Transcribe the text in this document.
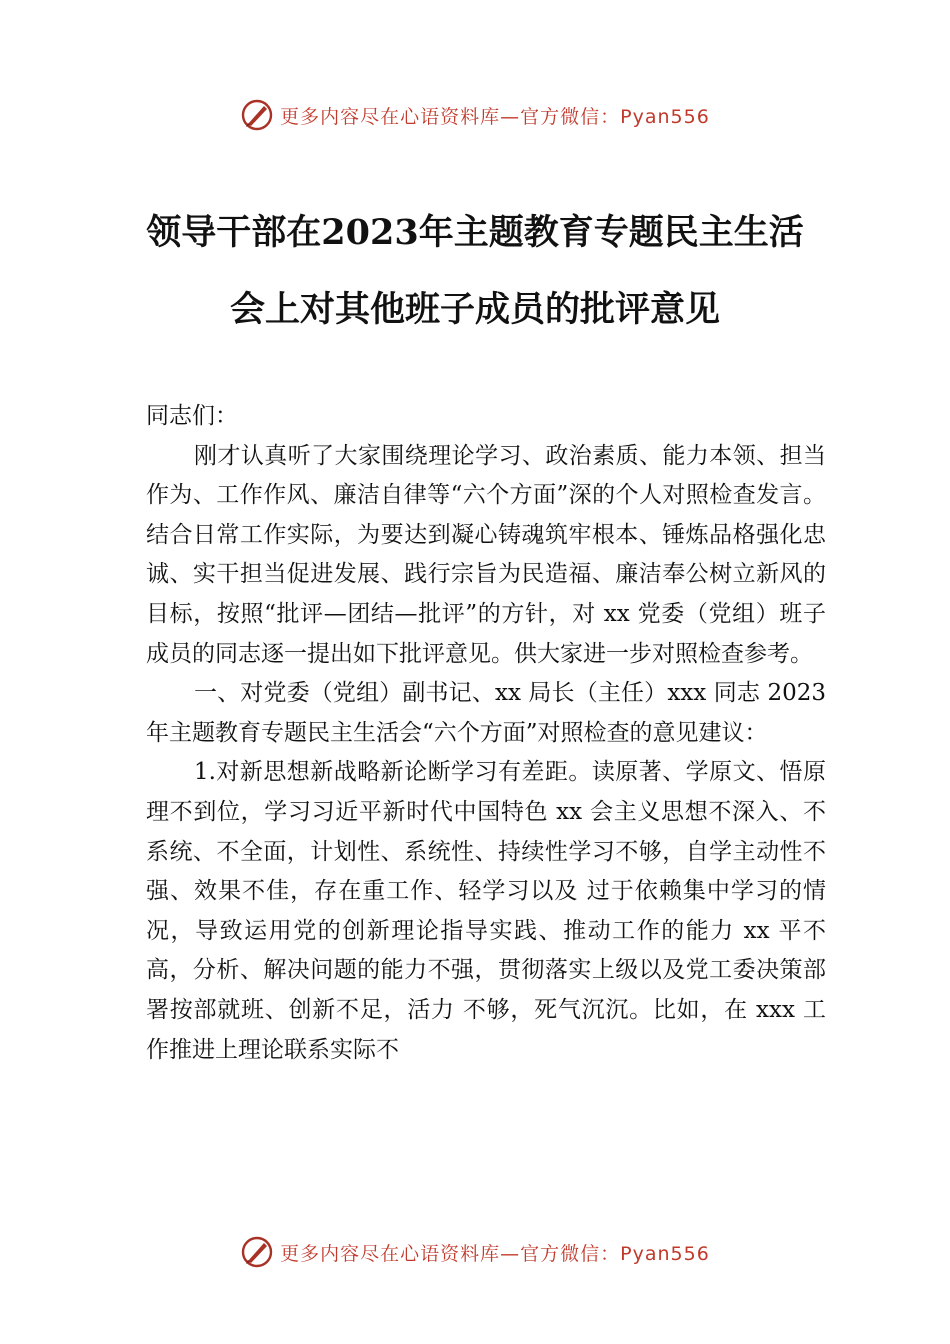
更多内容尽在心语资料库—官方微信：Pyan556
领导干部在2023年主题教育专题民主生活
会上对其他班子成员的批评意见

同志们：

刚才认真听了大家围绕理论学习、政治素质、能力本领、担当作为、工作作风、廉洁自律等“六个方面”深的个人对照检查发言。结合日常工作实际，为要达到凝心铸魂筑牢根本、锤炼品格强化忠诚、实干担当促进发展、践行宗旨为民造福、廉洁奉公树立新风的目标，按照“批评—团结—批评”的方针，对 xx 党委（党组）班子成员的同志逐一提出如下批评意见。供大家进一步对照检查参考。

一、对党委（党组）副书记、xx 局长（主任）xxx 同志 2023 年主题教育专题民主生活会“六个方面”对照检查的意见建议：

1.对新思想新战略新论断学习有差距。读原著、学原文、悟原理不到位，学习习近平新时代中国特色 xx 会主义思想不深入、不系统、不全面，计划性、系统性、持续性学习不够，自学主动性不强、效果不佳，存在重工作、轻学习以及 过于依赖集中学习的情况，导致运用党的创新理论指导实践、推动工作的能力 xx 平不高，分析、解决问题的能力不强，贯彻落实上级以及党工委决策部署按部就班、创新不足，活力 不够，死气沉沉。比如，在 xxx 工作推进上理论联系实际不

更多内容尽在心语资料库—官方微信：Pyan556
